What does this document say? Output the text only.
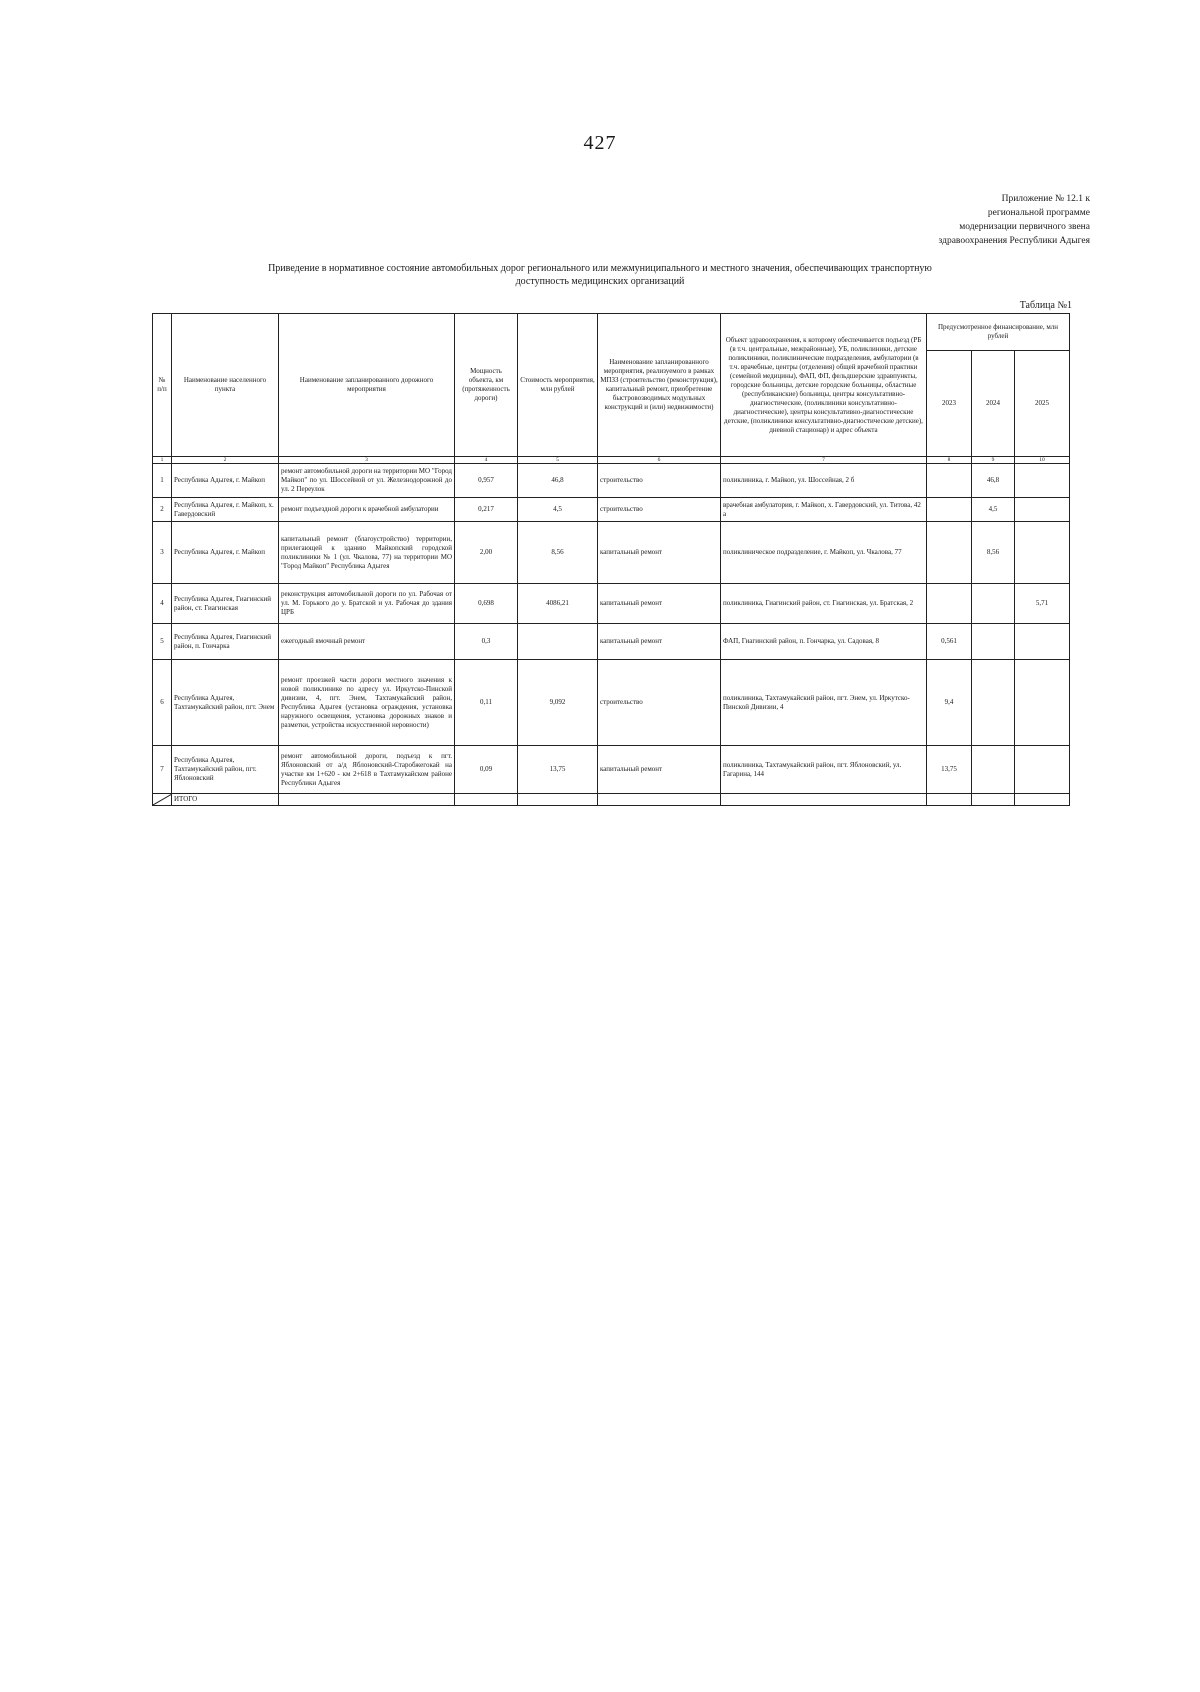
427
Приложение № 12.1 к
региональной программе
модернизации первичного звена
здравоохранения Республики Адыгея
Приведение в нормативное состояние автомобильных дорог регионального или межмуниципального и местного значения, обеспечивающих транспортную
доступность медицинских организаций
Таблица №1
№ п/п	Наименование населенного пункта	Наименование запланированного дорожного мероприятия	Мощность объекта, км (протяженность дороги)	Стоимость мероприятия, млн рублей	Наименование запланированного мероприятия, реализуемого в рамках МПЗЗ (строительство (реконструкция), капитальный ремонт, приобретение быстровозводимых модульных конструкций и (или) недвижимости)	Объект здравоохранения, к которому обеспечивается подъезд (РБ (в т.ч. центральные, межрайонные), УБ, поликлиники, детские поликлиники, поликлинические подразделения, амбулатории (в т.ч. врачебные, центры (отделения) общей врачебной практики (семейной медицины), ФАП, ФП, фельдшерские здравпункты, городские больницы, детские городские больницы, областные (республиканские) больницы, центры консультативно-диагностические, (поликлиники консультативно-диагностические), центры консультативно-диагностические детские, (поликлиники консультативно-диагностические детские), дневной стационар) и адрес объекта	Предусмотренное финансирование, млн рублей		
							2023	2024	2025
1	2	3	4	5	6	7	8	9	10
1	Республика Адыгея, г. Майкоп	ремонт автомобильной дороги на территории МО "Город Майкоп" по ул. Шоссейной от ул. Железнодорожной до ул. 2 Переулок	0,957	46,8	строительство	поликлиника, г. Майкоп, ул. Шоссейная, 2 б		46,8	
2	Республика Адыгея, г. Майкоп, х. Гавердовский	ремонт подъездной дороги к врачебной амбулатории	0,217	4,5	строительство	врачебная амбулатория, г. Майкоп, х. Гавердовский, ул. Титова, 42 а		4,5	
3	Республика Адыгея, г. Майкоп	капитальный ремонт (благоустройство) территории, прилегающей к зданию Майкопский городской поликлиники № 1 (ул. Чкалова, 77) на территории МО "Город Майкоп" Республика Адыгея	2,00	8,56	капитальный ремонт	поликлиническое подразделение, г. Майкоп, ул. Чкалова, 77		8,56	
4	Республика Адыгея, Гиагинский район, ст. Гиагинская	реконструкция автомобильной дороги по ул. Рабочая от ул. М. Горького до у. Братской и ул. Рабочая до здания ЦРБ	0,698	4086,21	капитальный ремонт	поликлиника, Гиагинский район, ст. Гиагинская, ул. Братская, 2			5,71
5	Республика Адыгея, Гиагинский район, п. Гончарка	ежегодный ямочный ремонт	0,3		капитальный ремонт	ФАП, Гиагинский район, п. Гончарка, ул. Садовая, 8	0,561		
6	Республика Адыгея, Тахтамукайский район, пгт. Энем	ремонт проезжей части дороги местного значения к новой поликлинике по адресу ул. Иркутско-Пинской дивизии, 4, пгт. Энем, Тахтамукайский район, Республика Адыгея (установка ограждения, установка наружного освещения, установка дорожных знаков и разметки, устройства искусственной неровности)	0,11	9,092	строительство	поликлиника, Тахтамукайский район, пгт. Энем, ул. Иркутско-Пинской Дивизии, 4	9,4		
7	Республика Адыгея, Тахтамукайский район, пгт. Яблоновский	ремонт автомобильной дороги, подъезд к пгт. Яблоновский от а/д Яблоновский-Старобжегокай на участке км 1+620 - км 2+618 в Тахтамукайском районе Республики Адыгея	0,09	13,75	капитальный ремонт	поликлиника, Тахтамукайский район, пгт. Яблоновский, ул. Гагарина, 144	13,75		

	ИТОГО								
